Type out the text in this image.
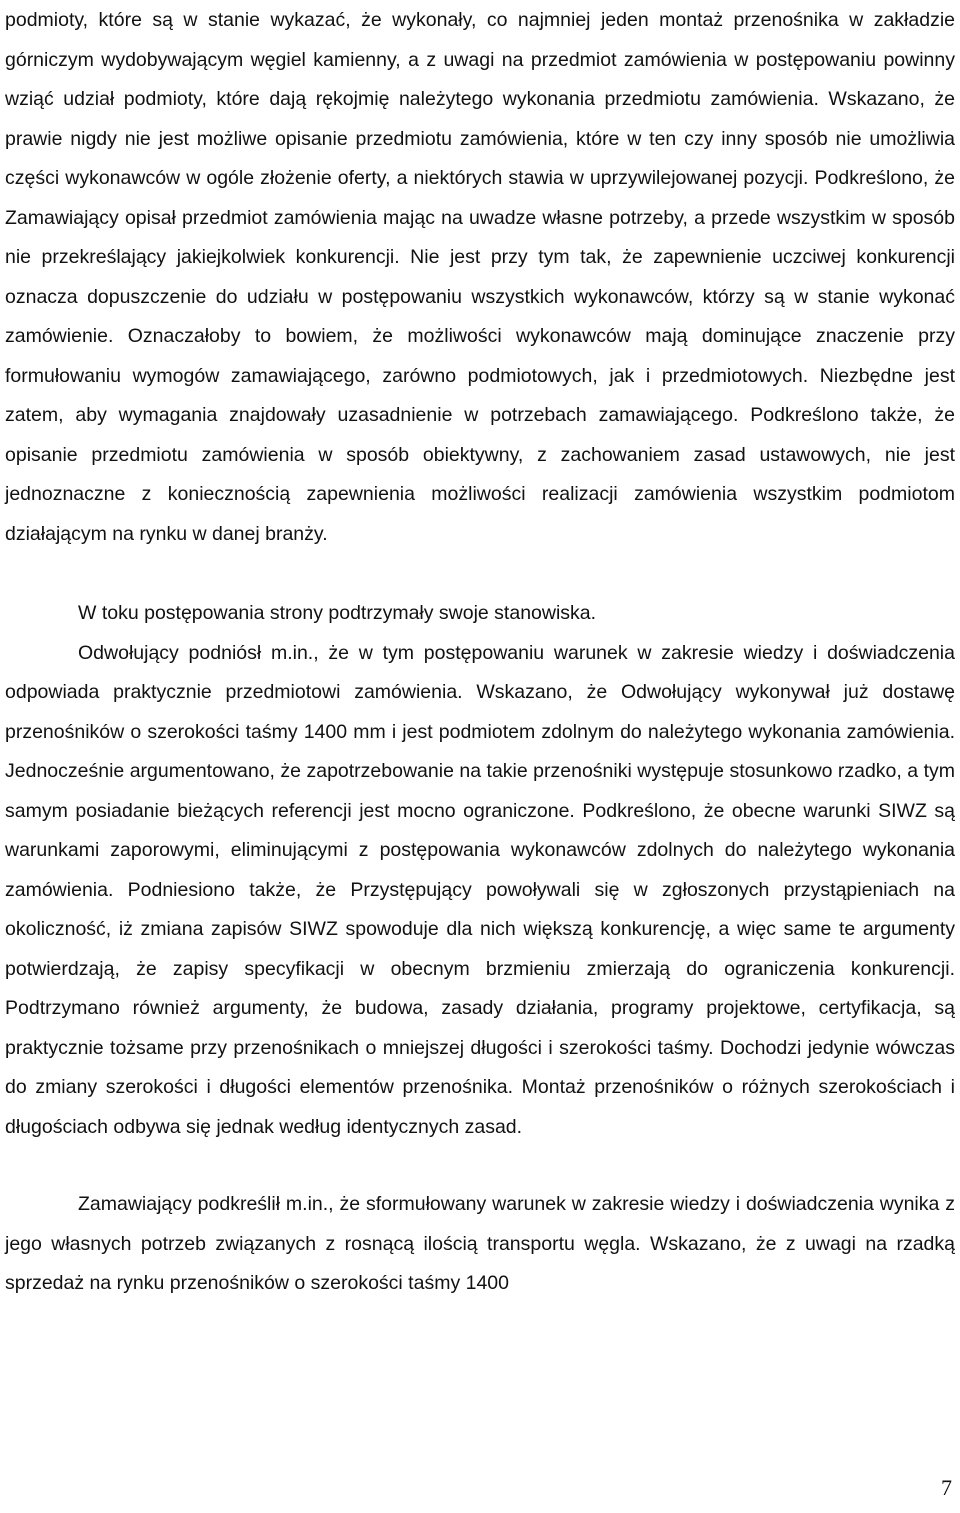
podmioty, które są w stanie wykazać, że wykonały, co najmniej jeden montaż przenośnika w zakładzie górniczym wydobywającym węgiel kamienny, a z uwagi na przedmiot zamówienia w postępowaniu powinny wziąć udział podmioty, które dają rękojmię należytego wykonania przedmiotu zamówienia. Wskazano, że prawie nigdy nie jest możliwe opisanie przedmiotu zamówienia, które w ten czy inny sposób nie umożliwia części wykonawców w ogóle złożenie oferty, a niektórych stawia w uprzywilejowanej pozycji. Podkreślono, że Zamawiający opisał przedmiot zamówienia mając na uwadze własne potrzeby, a przede wszystkim w sposób nie przekreślający jakiejkolwiek konkurencji. Nie jest przy tym tak, że zapewnienie uczciwej konkurencji oznacza dopuszczenie do udziału w postępowaniu wszystkich wykonawców, którzy są w stanie wykonać zamówienie. Oznaczałoby to bowiem, że możliwości wykonawców mają dominujące znaczenie przy formułowaniu wymogów zamawiającego, zarówno podmiotowych, jak i przedmiotowych. Niezbędne jest zatem, aby wymagania znajdowały uzasadnienie w potrzebach zamawiającego. Podkreślono także, że opisanie przedmiotu zamówienia w sposób obiektywny, z zachowaniem zasad ustawowych, nie jest jednoznaczne z koniecznością zapewnienia możliwości realizacji zamówienia wszystkim podmiotom działającym na rynku w danej branży.

W toku postępowania strony podtrzymały swoje stanowiska.

Odwołujący podniósł m.in., że w tym postępowaniu warunek w zakresie wiedzy i doświadczenia odpowiada praktycznie przedmiotowi zamówienia. Wskazano, że Odwołujący wykonywał już dostawę przenośników o szerokości taśmy 1400 mm i jest podmiotem zdolnym do należytego wykonania zamówienia. Jednocześnie argumentowano, że zapotrzebowanie na takie przenośniki występuje stosunkowo rzadko, a tym samym posiadanie bieżących referencji jest mocno ograniczone. Podkreślono, że obecne warunki SIWZ są warunkami zaporowymi, eliminującymi z postępowania wykonawców zdolnych do należytego wykonania zamówienia. Podniesiono także, że Przystępujący powoływali się w zgłoszonych przystąpieniach na okoliczność, iż zmiana zapisów SIWZ spowoduje dla nich większą konkurencję, a więc same te argumenty potwierdzają, że zapisy specyfikacji w obecnym brzmieniu zmierzają do ograniczenia konkurencji. Podtrzymano również argumenty, że budowa, zasady działania, programy projektowe, certyfikacja, są praktycznie tożsame przy przenośnikach o mniejszej długości i szerokości taśmy. Dochodzi jedynie wówczas do zmiany szerokości i długości elementów przenośnika. Montaż przenośników o różnych szerokościach i długościach odbywa się jednak według identycznych zasad.

Zamawiający podkreślił m.in., że sformułowany warunek w zakresie wiedzy i doświadczenia wynika z jego własnych potrzeb związanych z rosnącą ilością transportu węgla. Wskazano, że z uwagi na rzadką sprzedaż na rynku przenośników o szerokości taśmy 1400

7
